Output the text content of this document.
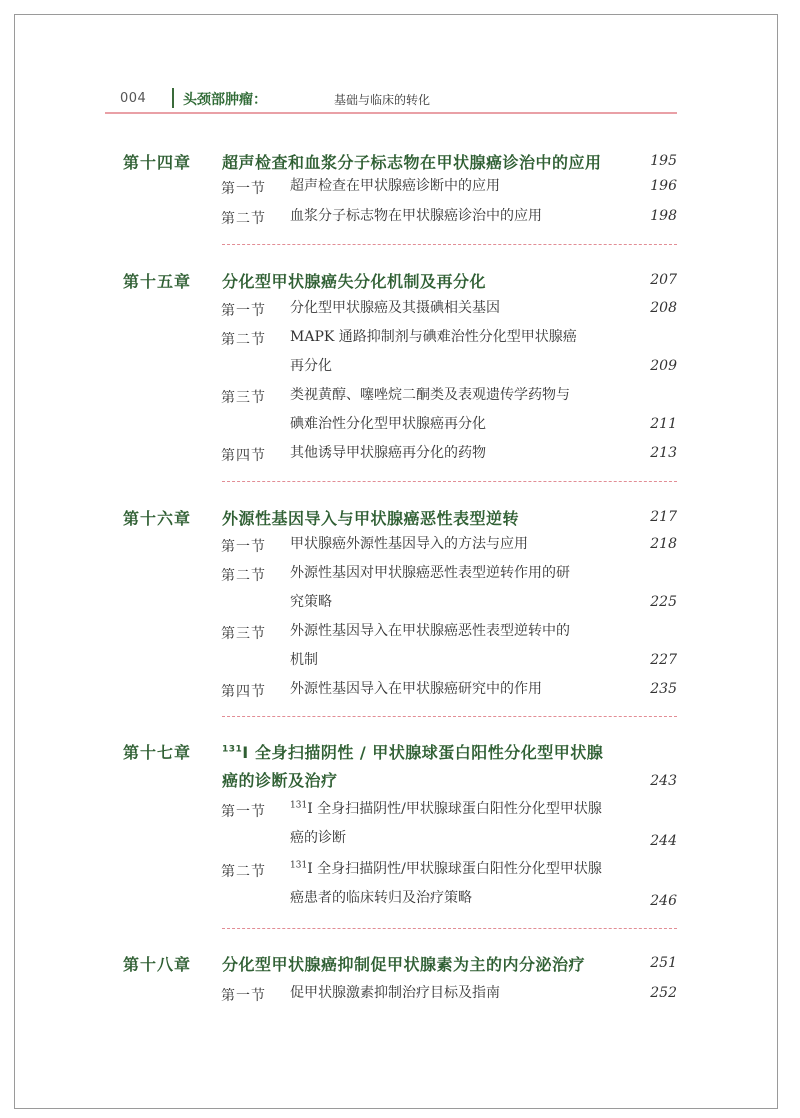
004	头颈部肿瘤：	基础与临床的转化
第十四章 超声检查和血浆分子标志物在甲状腺癌诊治中的应用	195
第一节 超声检查在甲状腺癌诊断中的应用	196
第二节 血浆分子标志物在甲状腺癌诊治中的应用	198
第十五章 分化型甲状腺癌失分化机制及再分化	207
第一节 分化型甲状腺癌及其摄碘相关基因	208
第二节 MAPK 通路抑制剂与碘难治性分化型甲状腺癌
再分化	209
第三节 类视黄醇、噻唑烷二酮类及表观遗传学药物与
碘难治性分化型甲状腺癌再分化	211
第四节 其他诱导甲状腺癌再分化的药物	213
第十六章 外源性基因导入与甲状腺癌恶性表型逆转	217
第一节 甲状腺癌外源性基因导入的方法与应用	218
第二节 外源性基因对甲状腺癌恶性表型逆转作用的研
究策略	225
第三节 外源性基因导入在甲状腺癌恶性表型逆转中的
机制	227
第四节 外源性基因导入在甲状腺癌研究中的作用	235
第十七章	$^{131}$I 全身扫描阴性 / 甲状腺球蛋白阳性分化型甲状腺
癌的诊断及治疗	243
第一节	$^{131}$I 全身扫描阴性/甲状腺球蛋白阳性分化型甲状腺
癌的诊断	244
第二节	$^{131}$I 全身扫描阴性/甲状腺球蛋白阳性分化型甲状腺
癌患者的临床转归及治疗策略	246
第十八章 分化型甲状腺癌抑制促甲状腺素为主的内分泌治疗	251
第一节 促甲状腺激素抑制治疗目标及指南	252
